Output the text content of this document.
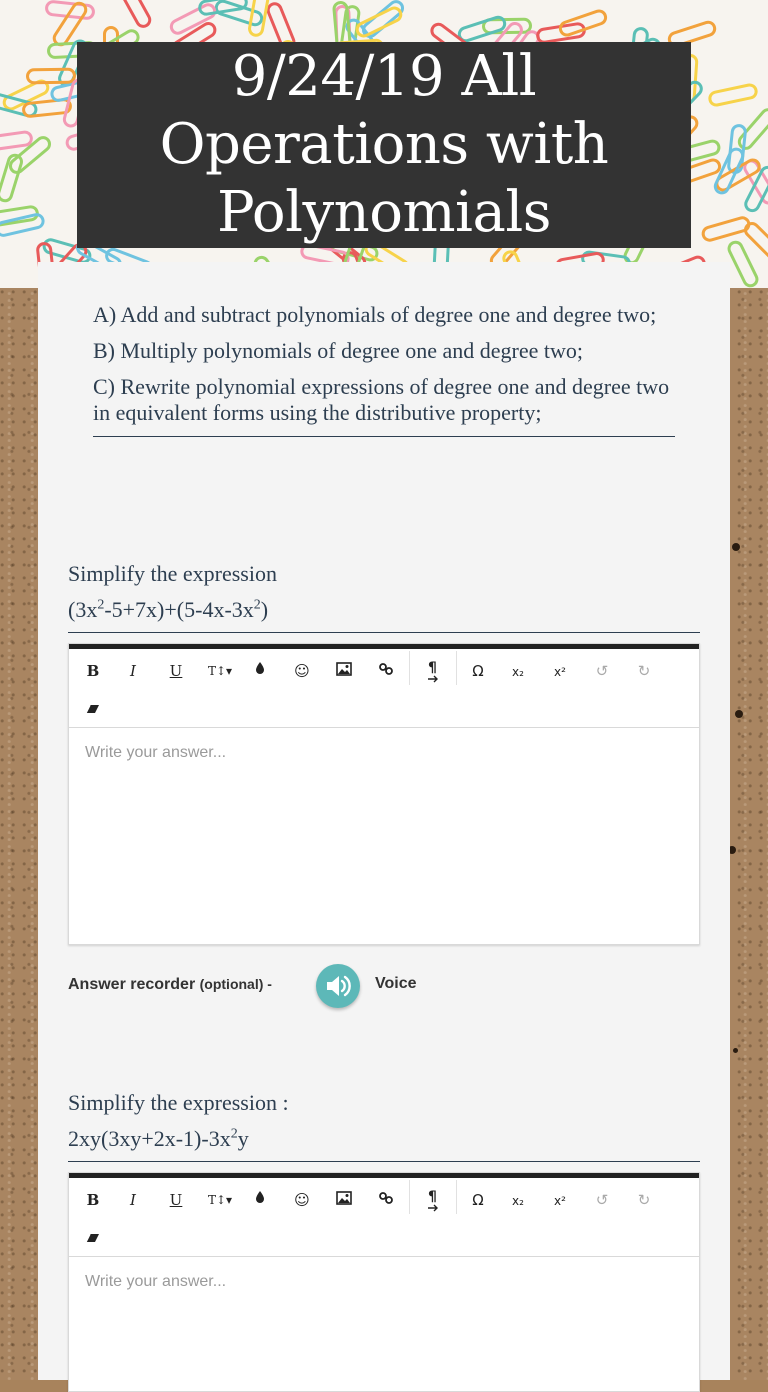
9/24/19 All
Operations with
Polynomials

A) Add and subtract polynomials of degree one and degree two;

B) Multiply polynomials of degree one and degree two;

C) Rewrite polynomial expressions of degree one and degree two in equivalent forms using the distributive property;

Simplify the expression
$(3x^2-5+7x)+(5-4x-3x^2)$
B	I	U	T↕▾	☺	¶	Ω	x₂	x²	↺	↻
Write your answer...
Answer recorder (optional) -	Voice
Simplify the expression :
$2xy(3xy+2x-1)-3x^2y$
B	I	U	T↕▾	☺	¶	Ω	x₂	x²	↺	↻
Write your answer...
